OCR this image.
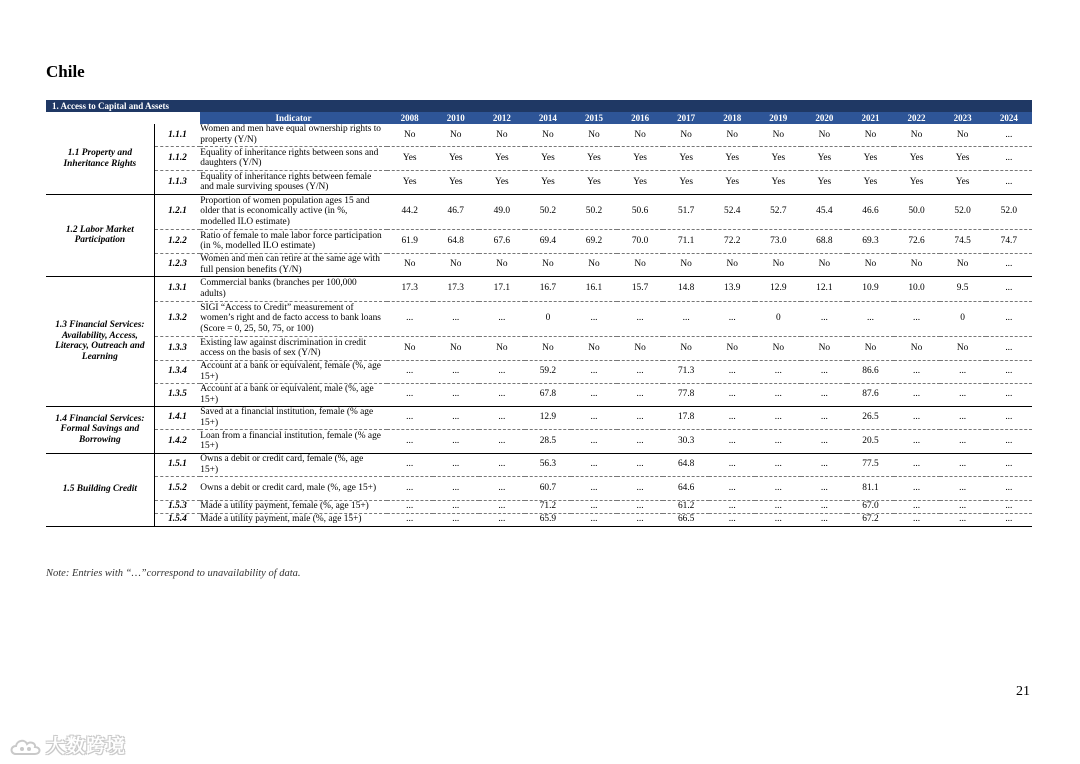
Chile
1. Access to Capital and Assets																
		Indicator	2008	2010	2012	2014	2015	2016	2017	2018	2019	2020	2021	2022	2023	2024
1.1 Property and Inheritance Rights	1.1.1	Women and men have equal ownership rights to property (Y/N)	No	No	No	No	No	No	No	No	No	No	No	No	No	...
	1.1.2	Equality of inheritance rights between sons and daughters (Y/N)	Yes	Yes	Yes	Yes	Yes	Yes	Yes	Yes	Yes	Yes	Yes	Yes	Yes	...
	1.1.3	Equality of inheritance rights between female and male surviving spouses (Y/N)	Yes	Yes	Yes	Yes	Yes	Yes	Yes	Yes	Yes	Yes	Yes	Yes	Yes	...
1.2 Labor Market Participation	1.2.1	Proportion of women population ages 15 and older that is economically active (in %, modelled ILO estimate)	44.2	46.7	49.0	50.2	50.2	50.6	51.7	52.4	52.7	45.4	46.6	50.0	52.0	52.0
	1.2.2	Ratio of female to male labor force participation (in %, modelled ILO estimate)	61.9	64.8	67.6	69.4	69.2	70.0	71.1	72.2	73.0	68.8	69.3	72.6	74.5	74.7
	1.2.3	Women and men can retire at the same age with full pension benefits (Y/N)	No	No	No	No	No	No	No	No	No	No	No	No	No	...
1.3 Financial Services: Availability, Access, Literacy, Outreach and Learning	1.3.1	Commercial banks (branches per 100,000 adults)	17.3	17.3	17.1	16.7	16.1	15.7	14.8	13.9	12.9	12.1	10.9	10.0	9.5	...
	1.3.2	SIGI “Access to Credit” measurement of women’s right and de facto access to bank loans (Score = 0, 25, 50, 75, or 100)	...	...	...	0	...	...	...	...	0	...	...	...	0	...
	1.3.3	Existing law against discrimination in credit access on the basis of sex (Y/N)	No	No	No	No	No	No	No	No	No	No	No	No	No	...
	1.3.4	Account at a bank or equivalent, female (%, age 15+)	...	...	...	59.2	...	...	71.3	...	...	...	86.6	...	...	...
	1.3.5	Account at a bank or equivalent, male (%, age 15+)	...	...	...	67.8	...	...	77.8	...	...	...	87.6	...	...	...
1.4 Financial Services: Formal Savings and Borrowing	1.4.1	Saved at a financial institution, female (% age 15+)	...	...	...	12.9	...	...	17.8	...	...	...	26.5	...	...	...
	1.4.2	Loan from a financial institution, female (% age 15+)	...	...	...	28.5	...	...	30.3	...	...	...	20.5	...	...	...
1.5 Building Credit	1.5.1	Owns a debit or credit card, female (%, age 15+)	...	...	...	56.3	...	...	64.8	...	...	...	77.5	...	...	...
	1.5.2	Owns a debit or credit card, male (%, age 15+)	...	...	...	60.7	...	...	64.6	...	...	...	81.1	...	...	...
	1.5.3	Made a utility payment, female (%, age 15+)	...	...	...	71.2	...	...	61.2	...	...	...	67.0	...	...	...
	1.5.4	Made a utility payment, male (%, age 15+)	...	...	...	65.9	...	...	66.5	...	...	...	67.2	...	...	...
Note: Entries with “…”correspond to unavailability of data.
21
大数跨境
